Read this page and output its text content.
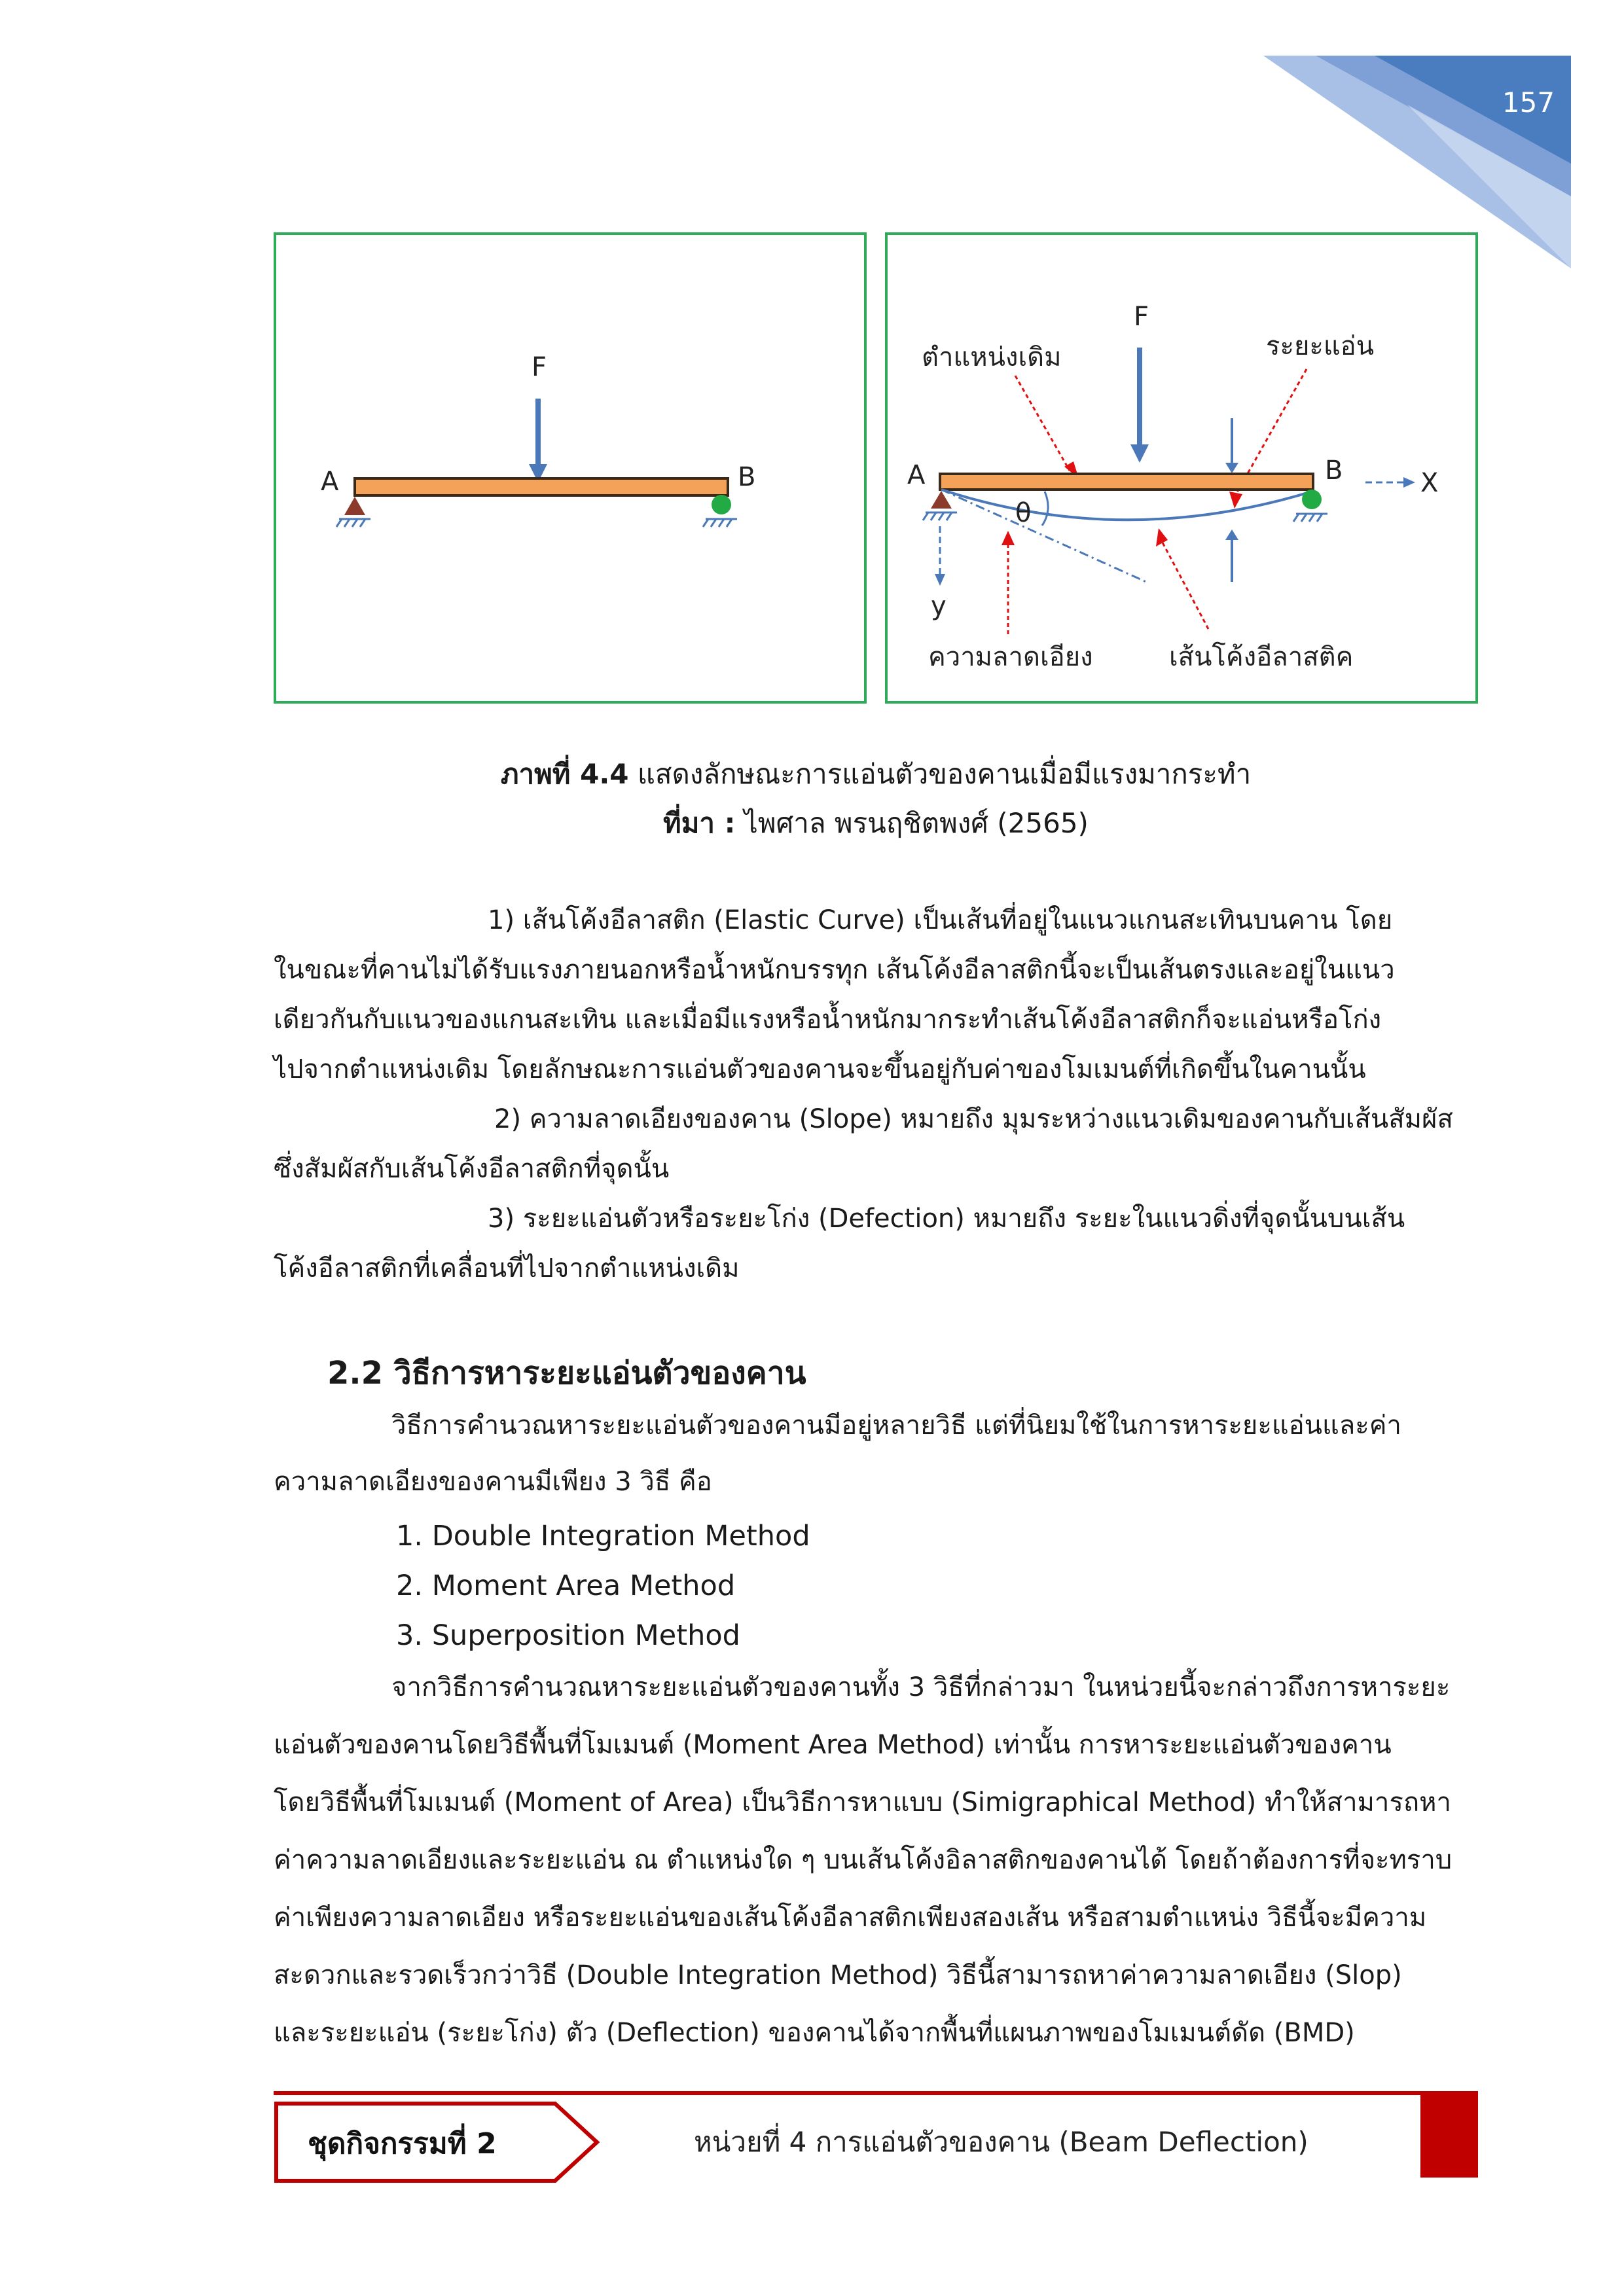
157
F
A	B
F
ตำแหน่งเดิม	ระยะแอ่น
θ
A	B	X
y
ความลาดเอียง	เส้นโค้งอีลาสติค
ภาพที่ 4.4 แสดงลักษณะการแอ่นตัวของคานเมื่อมีแรงมากระทำ
ที่มา : ไพศาล พรนฤชิตพงศ์ (2565)
1) เส้นโค้งอีลาสติก (Elastic Curve) เป็นเส้นที่อยู่ในแนวแกนสะเทินบนคาน โดย
ในขณะที่คานไม่ได้รับแรงภายนอกหรือน้ำหนักบรรทุก เส้นโค้งอีลาสติกนี้จะเป็นเส้นตรงและอยู่ในแนว
เดียวกันกับแนวของแกนสะเทิน และเมื่อมีแรงหรือน้ำหนักมากระทำเส้นโค้งอีลาสติกก็จะแอ่นหรือโก่ง
ไปจากตำแหน่งเดิม โดยลักษณะการแอ่นตัวของคานจะขึ้นอยู่กับค่าของโมเมนต์ที่เกิดขึ้นในคานนั้น
2) ความลาดเอียงของคาน (Slope) หมายถึง มุมระหว่างแนวเดิมของคานกับเส้นสัมผัส
ซึ่งสัมผัสกับเส้นโค้งอีลาสติกที่จุดนั้น
3) ระยะแอ่นตัวหรือระยะโก่ง (Defection) หมายถึง ระยะในแนวดิ่งที่จุดนั้นบนเส้น
โค้งอีลาสติกที่เคลื่อนที่ไปจากตำแหน่งเดิม
2.2 วิธีการหาระยะแอ่นตัวของคาน
วิธีการคำนวณหาระยะแอ่นตัวของคานมีอยู่หลายวิธี แต่ที่นิยมใช้ในการหาระยะแอ่นและค่า
ความลาดเอียงของคานมีเพียง 3 วิธี คือ
1. Double Integration Method
2. Moment Area Method
3. Superposition Method
จากวิธีการคำนวณหาระยะแอ่นตัวของคานทั้ง 3 วิธีที่กล่าวมา ในหน่วยนี้จะกล่าวถึงการหาระยะ
แอ่นตัวของคานโดยวิธีพื้นที่โมเมนต์ (Moment Area Method) เท่านั้น การหาระยะแอ่นตัวของคาน
โดยวิธีพื้นที่โมเมนต์ (Moment of Area) เป็นวิธีการหาแบบ (Simigraphical Method) ทำให้สามารถหา
ค่าความลาดเอียงและระยะแอ่น ณ ตำแหน่งใด ๆ บนเส้นโค้งอิลาสติกของคานได้ โดยถ้าต้องการที่จะทราบ
ค่าเพียงความลาดเอียง หรือระยะแอ่นของเส้นโค้งอีลาสติกเพียงสองเส้น หรือสามตำแหน่ง วิธีนี้จะมีความ
สะดวกและรวดเร็วกว่าวิธี (Double Integration Method) วิธีนี้สามารถหาค่าความลาดเอียง (Slop)
และระยะแอ่น (ระยะโก่ง) ตัว (Deflection) ของคานได้จากพื้นที่แผนภาพของโมเมนต์ดัด (BMD)
ชุดกิจกรรมที่ 2	หน่วยที่ 4 การแอ่นตัวของคาน (Beam Deflection)
